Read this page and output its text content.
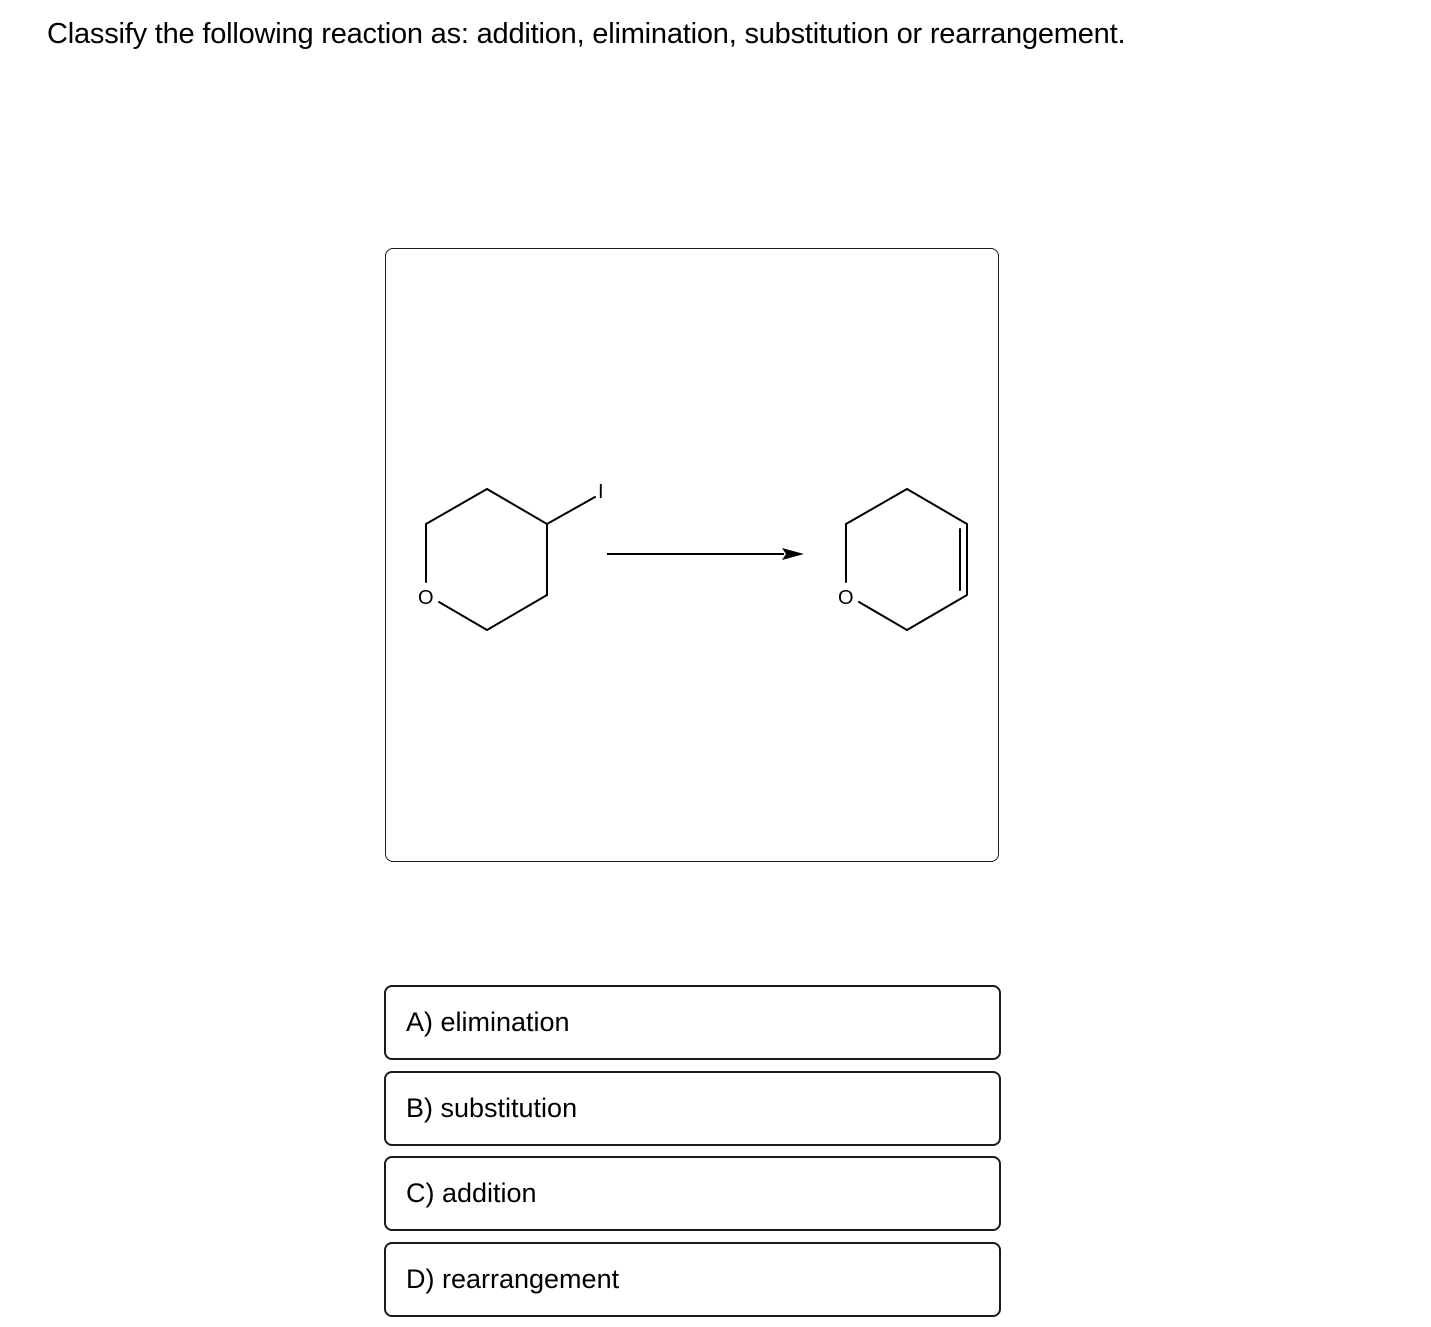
Classify the following reaction as: addition, elimination, substitution or rearrangement.
O
I
O
A) elimination
B) substitution
C) addition
D) rearrangement
